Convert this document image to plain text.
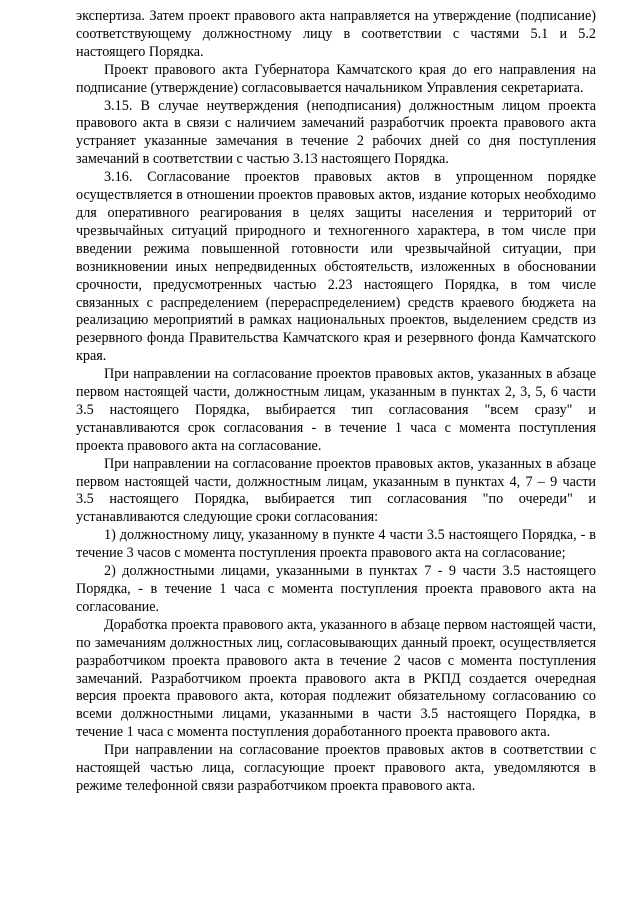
экспертиза. Затем проект правового акта направляется на утверждение (подписание) соответствующему должностному лицу в соответствии с частями 5.1 и 5.2 настоящего Порядка.

Проект правового акта Губернатора Камчатского края до его направления на подписание (утверждение) согласовывается начальником Управления секретариата.

3.15. В случае неутверждения (неподписания) должностным лицом проекта правового акта в связи с наличием замечаний разработчик проекта правового акта устраняет указанные замечания в течение 2 рабочих дней со дня поступления замечаний в соответствии с частью 3.13 настоящего Порядка.

3.16. Согласование проектов правовых актов в упрощенном порядке осуществляется в отношении проектов правовых актов, издание которых необходимо для оперативного реагирования в целях защиты населения и территорий от чрезвычайных ситуаций природного и техногенного характера, в том числе при введении режима повышенной готовности или чрезвычайной ситуации, при возникновении иных непредвиденных обстоятельств, изложенных в обосновании срочности, предусмотренных частью 2.23 настоящего Порядка, в том числе связанных с распределением (перераспределением) средств краевого бюджета на реализацию мероприятий в рамках национальных проектов, выделением средств из резервного фонда Правительства Камчатского края и резервного фонда Камчатского края.

При направлении на согласование проектов правовых актов, указанных в абзаце первом настоящей части, должностным лицам, указанным в пунктах 2, 3, 5, 6 части 3.5 настоящего Порядка, выбирается тип согласования "всем сразу" и устанавливаются срок согласования - в течение 1 часа с момента поступления проекта правового акта на согласование.

При направлении на согласование проектов правовых актов, указанных в абзаце первом настоящей части, должностным лицам, указанным в пунктах 4, 7 – 9 части 3.5 настоящего Порядка, выбирается тип согласования "по очереди" и устанавливаются следующие сроки согласования:

1) должностному лицу, указанному в пункте 4 части 3.5 настоящего Порядка, - в течение 3 часов с момента поступления проекта правового акта на согласование;

2) должностными лицами, указанными в пунктах 7 - 9 части 3.5 настоящего Порядка, - в течение 1 часа с момента поступления проекта правового акта на согласование.

Доработка проекта правового акта, указанного в абзаце первом настоящей части, по замечаниям должностных лиц, согласовывающих данный проект, осуществляется разработчиком проекта правового акта в течение 2 часов с момента поступления замечаний. Разработчиком проекта правового акта в РКПД создается очередная версия проекта правового акта, которая подлежит обязательному согласованию со всеми должностными лицами, указанными в части 3.5 настоящего Порядка, в течение 1 часа с момента поступления доработанного проекта правового акта.

При направлении на согласование проектов правовых актов в соответствии с настоящей частью лица, согласующие проект правового акта, уведомляются в режиме телефонной связи разработчиком проекта правового акта.
